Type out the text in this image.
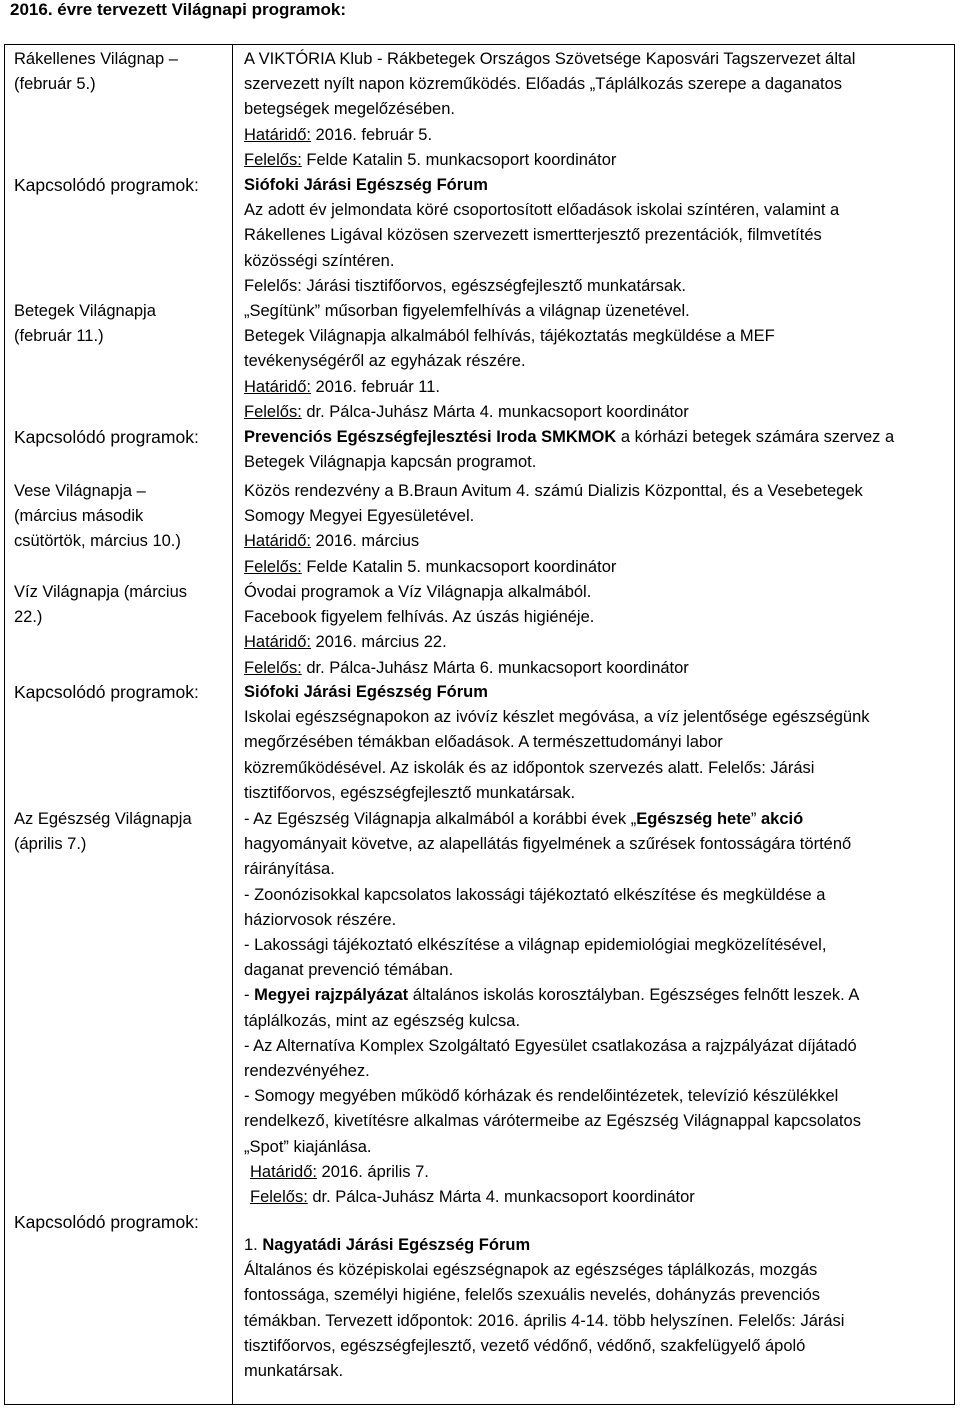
2016. évre tervezett Világnapi programok:
Rákellenes Világnap –
(február 5.)
Kapcsolódó programok:
Betegek Világnapja
(február 11.)
Kapcsolódó programok:
Vese Világnapja –
(március második
csütörtök, március 10.)
Víz Világnapja (március
22.)
Kapcsolódó programok:
Az Egészség Világnapja
(április 7.)
Kapcsolódó programok:
A VIKTÓRIA Klub - Rákbetegek Országos Szövetsége Kaposvári Tagszervezet által
szervezett nyílt napon közreműködés. Előadás „Táplálkozás szerepe a daganatos
betegségek megelőzésében.
Határidő: 2016. február 5.
Felelős: Felde Katalin 5. munkacsoport koordinátor
Siófoki Járási Egészség Fórum
Az adott év jelmondata köré csoportosított előadások iskolai színtéren, valamint a
Rákellenes Ligával közösen szervezett ismertterjesztő prezentációk, filmvetítés
közösségi színtéren.
Felelős: Járási tisztifőorvos, egészségfejlesztő munkatársak.
„Segítünk” műsorban figyelemfelhívás a világnap üzenetével.
Betegek Világnapja alkalmából felhívás, tájékoztatás megküldése a MEF
tevékenységéről az egyházak részére.
Határidő: 2016. február 11.
Felelős: dr. Pálca-Juhász Márta 4. munkacsoport koordinátor
Prevenciós Egészségfejlesztési Iroda SMKMOK a kórházi betegek számára szervez a
Betegek Világnapja kapcsán programot.
Közös rendezvény a B.Braun Avitum 4. számú Dializis Központtal, és a Vesebetegek
Somogy Megyei Egyesületével.
Határidő: 2016. március
Felelős: Felde Katalin 5. munkacsoport koordinátor
Óvodai programok a Víz Világnapja alkalmából.
Facebook figyelem felhívás. Az úszás higiénéje.
Határidő: 2016. március 22.
Felelős: dr. Pálca-Juhász Márta 6. munkacsoport koordinátor
Siófoki Járási Egészség Fórum
Iskolai egészségnapokon az ivóvíz készlet megóvása, a víz jelentősége egészségünk
megőrzésében témákban előadások. A természettudományi labor
közreműködésével. Az iskolák és az időpontok szervezés alatt. Felelős: Járási
tisztifőorvos, egészségfejlesztő munkatársak.
- Az Egészség Világnapja alkalmából a korábbi évek „Egészség hete” akció
hagyományait követve, az alapellátás figyelmének a szűrések fontosságára történő
ráirányítása.
- Zoonózisokkal kapcsolatos lakossági tájékoztató elkészítése és megküldése a
háziorvosok részére.
- Lakossági tájékoztató elkészítése a világnap epidemiológiai megközelítésével,
daganat prevenció témában.
- Megyei rajzpályázat általános iskolás korosztályban. Egészséges felnőtt leszek. A
táplálkozás, mint az egészség kulcsa.
- Az Alternatíva Komplex Szolgáltató Egyesület csatlakozása a rajzpályázat díjátadó
rendezvényéhez.
- Somogy megyében működő kórházak és rendelőintézetek, televízió készülékkel
rendelkező, kivetítésre alkalmas várótermeibe az Egészség Világnappal kapcsolatos
„Spot” kiajánlása.
Határidő: 2016. április 7.
Felelős: dr. Pálca-Juhász Márta 4. munkacsoport koordinátor
1. Nagyatádi Járási Egészség Fórum
Általános és középiskolai egészségnapok az egészséges táplálkozás, mozgás
fontossága, személyi higiéne, felelős szexuális nevelés, dohányzás prevenciós
témákban. Tervezett időpontok: 2016. április 4-14. több helyszínen. Felelős: Járási
tisztifőorvos, egészségfejlesztő, vezető védőnő, védőnő, szakfelügyelő ápoló
munkatársak.
